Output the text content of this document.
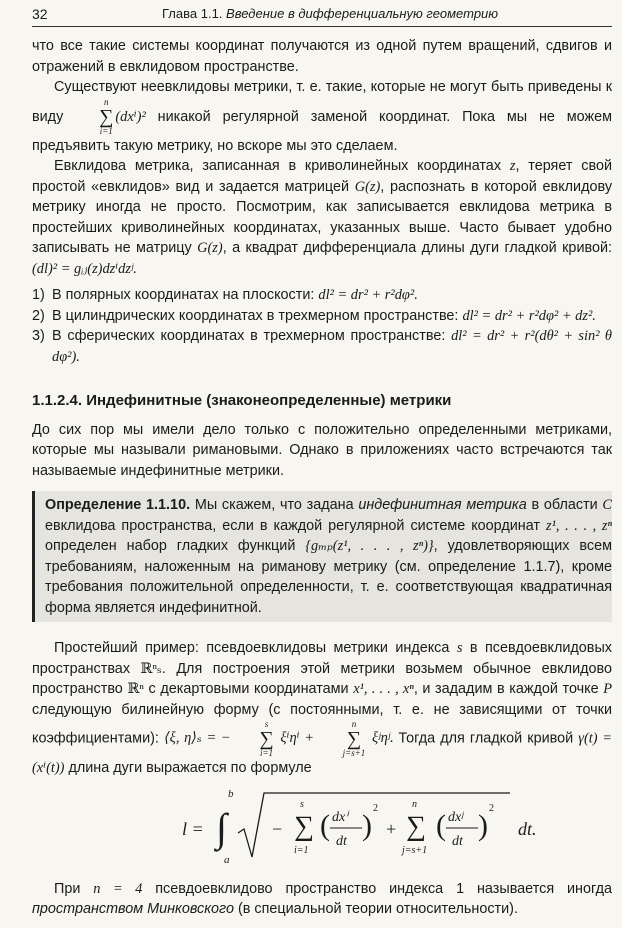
32	Глава 1.1. Введение в дифференциальную геометрию

что все такие системы координат получаются из одной путем вращений, сдвигов и отражений в евклидовом пространстве.

Существуют неевклидовы метрики, т. е. такие, которые не могут быть приведены к виду
n
∑
i=1
(dxⁱ)² никакой регулярной заменой координат. Пока мы не можем предъявить такую метрику, но вскоре мы это сделаем.

Евклидова метрика, записанная в криволинейных координатах z, теряет свой простой «евклидов» вид и задается матрицей G(z), распознать в которой евклидову метрику иногда не просто. Посмотрим, как записывается евклидова метрика в простейших криволинейных координатах, указанных выше. Часто бывает удобно записывать не матрицу G(z), а квадрат дифференциала длины дуги гладкой кривой: (dl)² = gᵢⱼ(z)dzⁱdzʲ.

1) В полярных координатах на плоскости: dl² = dr² + r²dφ².
2) В цилиндрических координатах в трехмерном пространстве: dl² = dr² + r²dφ² + dz².
3) В сферических координатах в трехмерном пространстве: dl² = dr² + r²(dθ² + sin² θ dφ²).
1.1.2.4. Индефинитные (знаконеопределенные) метрики

До сих пор мы имели дело только с положительно определенными метриками, которые мы называли римановыми. Однако в приложениях часто встречаются так называемые индефинитные метрики.

Определение 1.1.10. Мы скажем, что задана индефинитная метрика в области C евклидова пространства, если в каждой регулярной системе координат z¹, . . . , zⁿ определен набор гладких функций {gₘₚ(z¹, . . . , zⁿ)}, удовлетворяющих всем требованиям, наложенным на риманову метрику (см. определение 1.1.7), кроме требования положительной определенности, т. е. соответствующая квадратичная форма является индефинитной.

Простейший пример: псевдоевклидовы метрики индекса s в псевдоевклидовых пространствах ℝⁿₛ. Для построения этой метрики возьмем обычное евклидово пространство ℝⁿ с декартовыми координатами x¹, . . . , xⁿ, и зададим в каждой точке P следующую билинейную форму (с постоянными, т. е. не зависящими от точки коэффициентами): ⟨ξ, η⟩ₛ = −
s
∑
i=1
ξⁱηⁱ +
n
∑
j=s+1
ξʲηʲ. Тогда для гладкой кривой γ(t) = (xⁱ(t)) длина дуги выражается по формуле

l = ∫
b
a
− ∑
s
i=1
( dxⁱ
dt )
2
+ ∑
n
j=s+1
( dxʲ
dt )
2
dt.

При n = 4 псевдоевклидово пространство индекса 1 называется иногда пространством Минковского (в специальной теории относительности).
